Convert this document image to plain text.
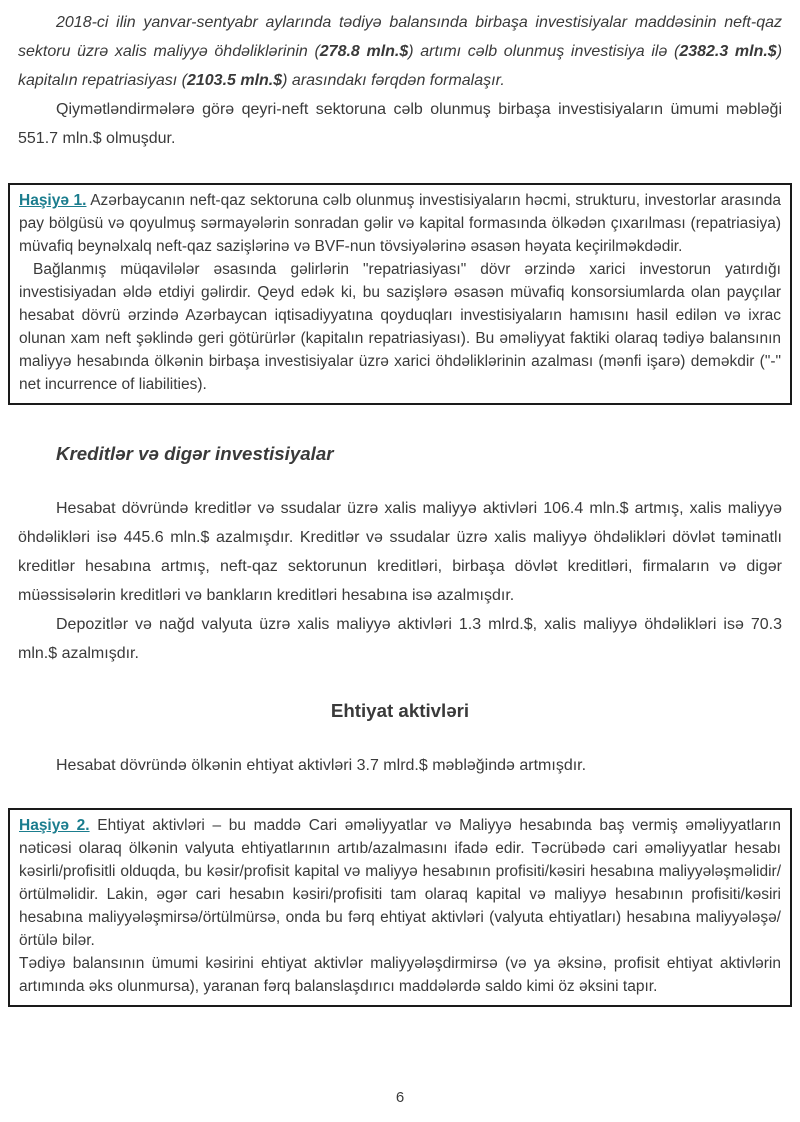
2018-ci ilin yanvar-sentyabr aylarında tədiyə balansında birbaşa investisiyalar maddəsinin neft-qaz sektoru üzrə xalis maliyyə öhdəliklərinin (278.8 mln.$) artımı cəlb olunmuş investisiya ilə (2382.3 mln.$) kapitalın repatriasiyası (2103.5 mln.$) arasındakı fərqdən formalaşır.

Qiymətləndirmələrə görə qeyri-neft sektoruna cəlb olunmuş birbaşa investisiyaların ümumi məbləği 551.7 mln.$ olmuşdur.

Haşiyə 1. Azərbaycanın neft-qaz sektoruna cəlb olunmuş investisiyaların həcmi, strukturu, investorlar arasında pay bölgüsü və qoyulmuş sərmayələrin sonradan gəlir və kapital formasında ölkədən çıxarılması (repatriasiya) müvafiq beynəlxalq neft-qaz sazişlərinə və BVF-nun tövsiyələrinə əsasən həyata keçirilməkdədir.

Bağlanmış müqavilələr əsasında gəlirlərin "repatriasiyası" dövr ərzində xarici investorun yatırdığı investisiyadan əldə etdiyi gəlirdir. Qeyd edək ki, bu sazişlərə əsasən müvafiq konsorsiumlarda olan payçılar hesabat dövrü ərzində Azərbaycan iqtisadiyyatına qoyduqları investisiyaların hamısını hasil edilən və ixrac olunan xam neft şəklində geri götürürlər (kapitalın repatriasiyası). Bu əməliyyat faktiki olaraq tədiyə balansının maliyyə hesabında ölkənin birbaşa investisiyalar üzrə xarici öhdəliklərinin azalması (mənfi işarə) deməkdir ("-" net incurrence of liabilities).

Kreditlər və digər investisiyalar

Hesabat dövründə kreditlər və ssudalar üzrə xalis maliyyə aktivləri 106.4 mln.$ artmış, xalis maliyyə öhdəlikləri isə 445.6 mln.$ azalmışdır. Kreditlər və ssudalar üzrə xalis maliyyə öhdəlikləri dövlət təminatlı kreditlər hesabına artmış, neft-qaz sektorunun kreditləri, birbaşa dövlət kreditləri, firmaların və digər müəssisələrin kreditləri və bankların kreditləri hesabına isə azalmışdır.

Depozitlər və nağd valyuta üzrə xalis maliyyə aktivləri 1.3 mlrd.$, xalis maliyyə öhdəlikləri isə 70.3 mln.$ azalmışdır.

Ehtiyat aktivləri

Hesabat dövründə ölkənin ehtiyat aktivləri 3.7 mlrd.$ məbləğində artmışdır.

Haşiyə 2. Ehtiyat aktivləri – bu maddə Cari əməliyyatlar və Maliyyə hesabında baş vermiş əməliyyatların nəticəsi olaraq ölkənin valyuta ehtiyatlarının artıb/azalmasını ifadə edir. Təcrübədə cari əməliyyatlar hesabı kəsirli/profisitli olduqda, bu kəsir/profisit kapital və maliyyə hesabının profisiti/kəsiri hesabına maliyyələşməlidir/örtülməlidir. Lakin, əgər cari hesabın kəsiri/profisiti tam olaraq kapital və maliyyə hesabının profisiti/kəsiri hesabına maliyyələşmirsə/örtülmürsə, onda bu fərq ehtiyat aktivləri (valyuta ehtiyatları) hesabına maliyyələşə/örtülə bilər.

Tədiyə balansının ümumi kəsirini ehtiyat aktivlər maliyyələşdirmirsə (və ya əksinə, profisit ehtiyat aktivlərin artımında əks olunmursa), yaranan fərq balanslaşdırıcı maddələrdə saldo kimi öz əksini tapır.

6
